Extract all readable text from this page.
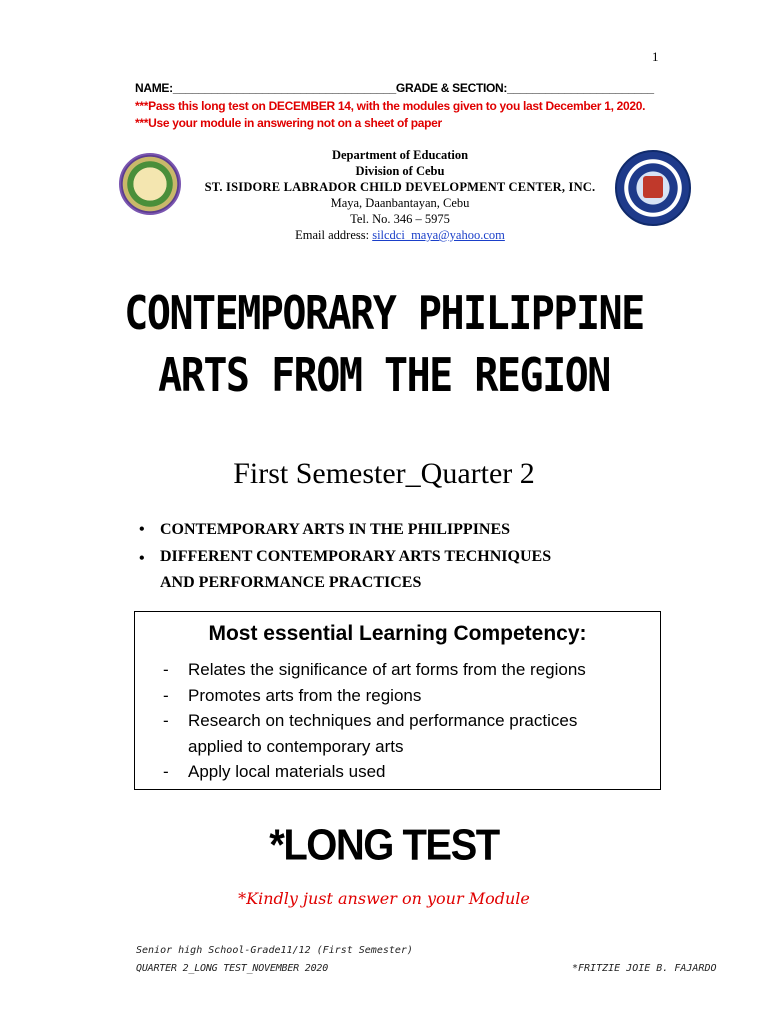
1
NAME:___________________________________GRADE & SECTION:_______________________
***Pass this long test on DECEMBER 14, with the modules given to you last December 1, 2020.
***Use your module in answering not on a sheet of paper
Department of Education
Division of Cebu
ST. ISIDORE LABRADOR CHILD DEVELOPMENT CENTER, INC.
Maya, Daanbantayan, Cebu
Tel. No. 346 – 5975
Email address: silcdci_maya@yahoo.com
CONTEMPORARY PHILIPPINE
ARTS FROM THE REGION
First Semester_Quarter 2
• CONTEMPORARY ARTS IN THE PHILIPPINES
• DIFFERENT CONTEMPORARY ARTS TECHNIQUES
AND PERFORMANCE PRACTICES
Most essential Learning Competency:
- Relates the significance of art forms from the regions
- Promotes arts from the regions
- Research on techniques and performance practices
applied to contemporary arts
- Apply local materials used
*LONG TEST
*Kindly just answer on your Module
Senior high School-Grade11/12 (First Semester)
QUARTER 2_LONG TEST_NOVEMBER 2020	*FRITZIE JOIE B. FAJARDO
